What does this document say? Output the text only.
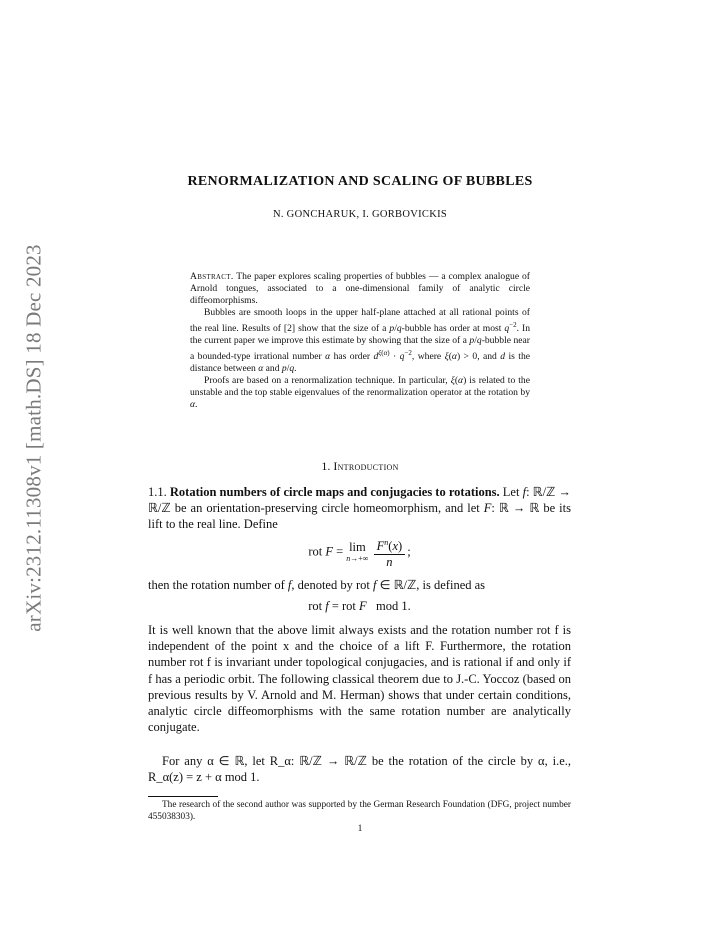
arXiv:2312.11308v1 [math.DS] 18 Dec 2023
RENORMALIZATION AND SCALING OF BUBBLES
N. GONCHARUK, I. GORBOVICKIS

Abstract. The paper explores scaling properties of bubbles — a complex analogue of Arnold tongues, associated to a one-dimensional family of analytic circle diffeomorphisms.

Bubbles are smooth loops in the upper half-plane attached at all rational points of the real line. Results of [2] show that the size of a p/q-bubble has order at most $q^{-2}$. In the current paper we improve this estimate by showing that the size of a p/q-bubble near a bounded-type irrational number α has order $d^{\xi(\alpha)} \cdot q^{-2}$, where ξ(α) > 0, and d is the distance between α and p/q.

Proofs are based on a renormalization technique. In particular, ξ(α) is related to the unstable and the top stable eigenvalues of the renormalization operator at the rotation by α.

1. Introduction

1.1. Rotation numbers of circle maps and conjugacies to rotations. Let f: ℝ/ℤ → ℝ/ℤ be an orientation-preserving circle homeomorphism, and let F: ℝ → ℝ be its lift to the real line. Define

rot F = lim
n→+∞
$\frac{F^n(x)}{n}$ ;

then the rotation number of f, denoted by rot f ∈ ℝ/ℤ, is defined as

rot f = rot F   mod 1.

It is well known that the above limit always exists and the rotation number rot f is independent of the point x and the choice of a lift F. Furthermore, the rotation number rot f is invariant under topological conjugacies, and is rational if and only if f has a periodic orbit. The following classical theorem due to J.-C. Yoccoz (based on previous results by V. Arnold and M. Herman) shows that under certain conditions, analytic circle diffeomorphisms with the same rotation number are analytically conjugate.

For any α ∈ ℝ, let R_α: ℝ/ℤ → ℝ/ℤ be the rotation of the circle by α, i.e., R_α(z) = z + α mod 1.

The research of the second author was supported by the German Research Foundation (DFG, project number 455038303).

1
